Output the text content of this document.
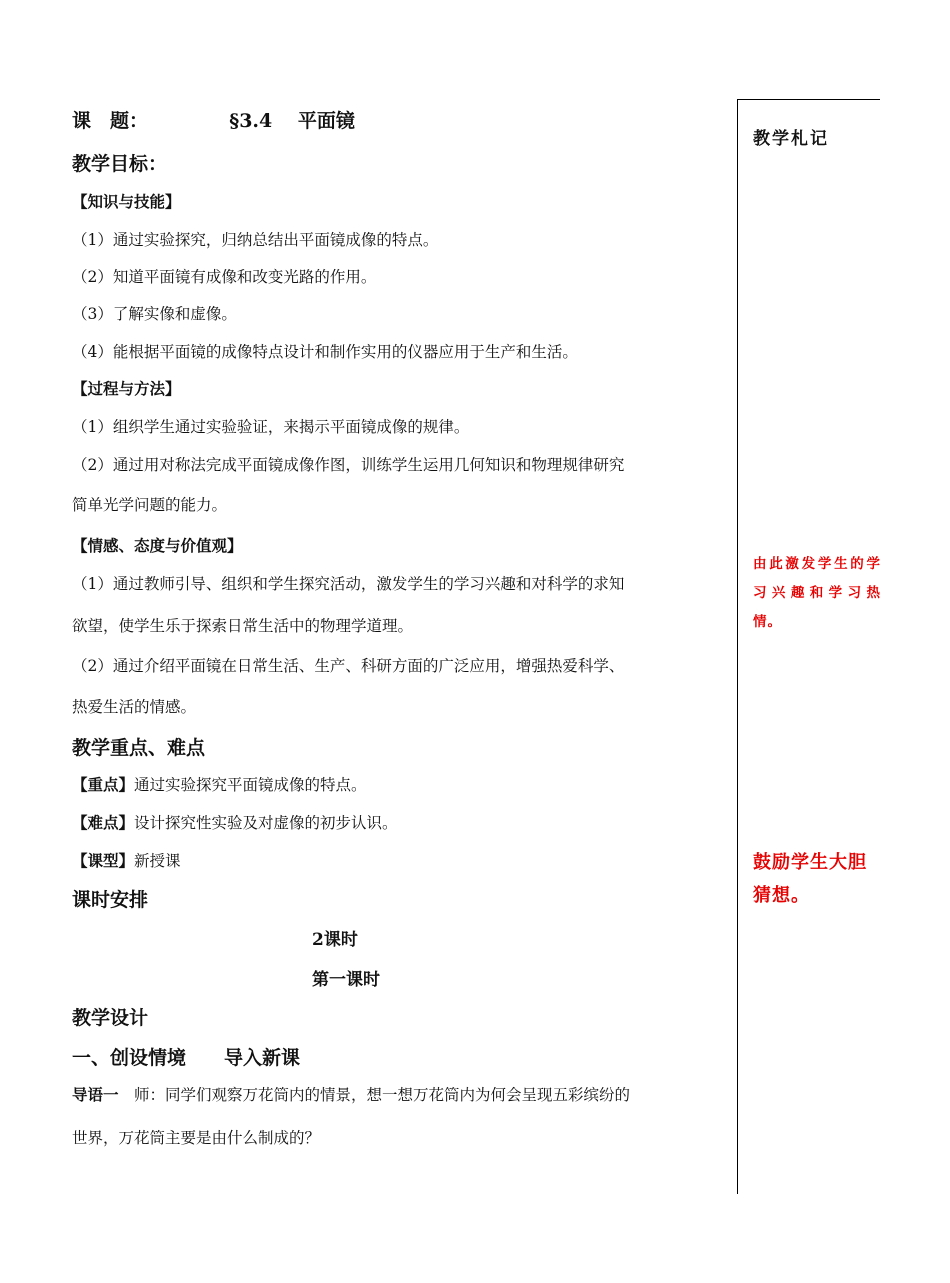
课　题：	§3.4　 平面镜
教学目标：
【知识与技能】
（1）通过实验探究，归纳总结出平面镜成像的特点。
（2）知道平面镜有成像和改变光路的作用。
（3）了解实像和虚像。
（4）能根据平面镜的成像特点设计和制作实用的仪器应用于生产和生活。
【过程与方法】
（1）组织学生通过实验验证，来揭示平面镜成像的规律。
（2）通过用对称法完成平面镜成像作图，训练学生运用几何知识和物理规律研究
简单光学问题的能力。
【情感、态度与价值观】
（1）通过教师引导、组织和学生探究活动，激发学生的学习兴趣和对科学的求知
欲望，使学生乐于探索日常生活中的物理学道理。
（2）通过介绍平面镜在日常生活、生产、科研方面的广泛应用，增强热爱科学、
热爱生活的情感。
教学重点、难点
【重点】通过实验探究平面镜成像的特点。
【难点】设计探究性实验及对虚像的初步认识。
【课型】新授课
课时安排
2课时
第一课时
教学设计
一、创设情境　　导入新课
导语一　师：同学们观察万花筒内的情景，想一想万花筒内为何会呈现五彩缤纷的
世界，万花筒主要是由什么制成的？
教学札记
由此激发学生的学习兴趣和学习热情。
鼓励学生大胆猜想。
